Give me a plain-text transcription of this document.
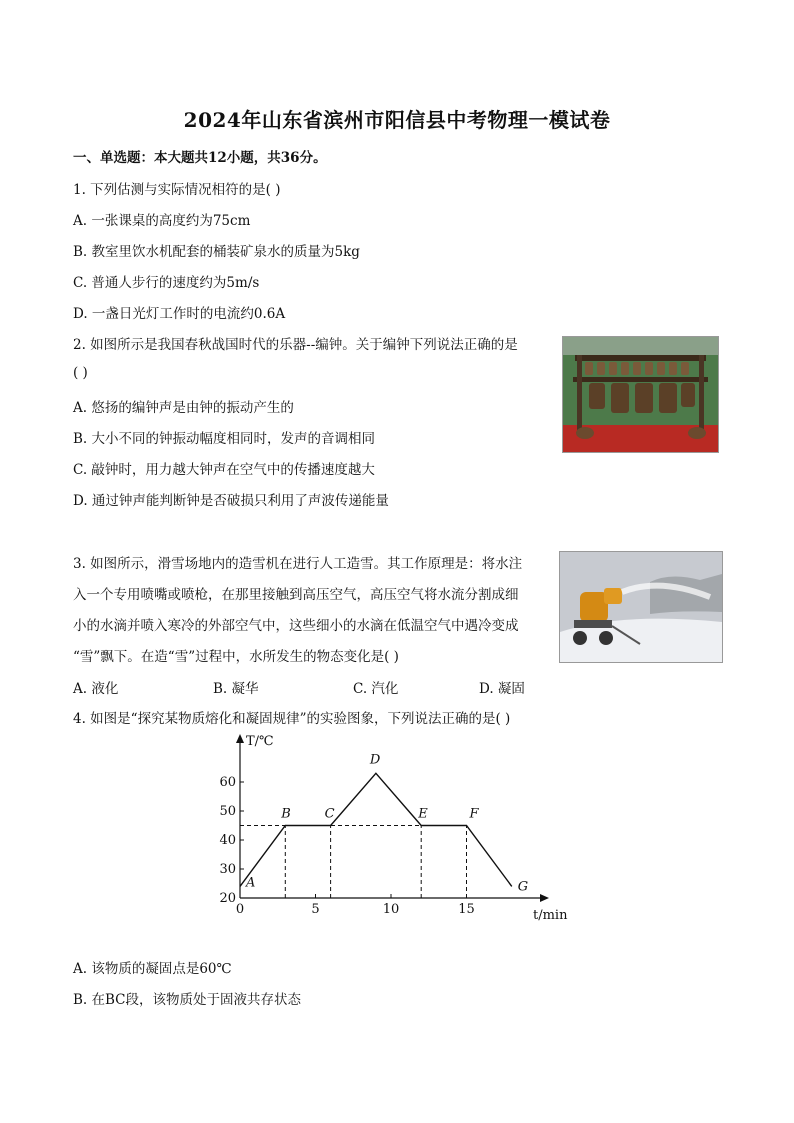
2024年山东省滨州市阳信县中考物理一模试卷
一、单选题：本大题共12小题，共36分。
1. 下列估测与实际情况相符的是( )
A. 一张课桌的高度约为75cm
B. 教室里饮水机配套的桶装矿泉水的质量为5kg
C. 普通人步行的速度约为5m/s
D. 一盏日光灯工作时的电流约0.6A
2. 如图所示是我国春秋战国时代的乐器--编钟。关于编钟下列说法正确的是
( )
A. 悠扬的编钟声是由钟的振动产生的
B. 大小不同的钟振动幅度相同时，发声的音调相同
C. 敲钟时，用力越大钟声在空气中的传播速度越大
D. 通过钟声能判断钟是否破损只利用了声波传递能量
3. 如图所示，滑雪场地内的造雪机在进行人工造雪。其工作原理是：将水注
入一个专用喷嘴或喷枪，在那里接触到高压空气，高压空气将水流分割成细
小的水滴并喷入寒冷的外部空气中，这些细小的水滴在低温空气中遇冷变成
“雪”飘下。在造“雪”过程中，水所发生的物态变化是( )
A. 液化	B. 凝华	C. 汽化	D. 凝固
4. 如图是“探究某物质熔化和凝固规律”的实验图象，下列说法正确的是( )
T/℃
t/min
20
30
40
50
60
0	5	10	15
A
B	C
D
E	F
G
A. 该物质的凝固点是60℃
B. 在BC段，该物质处于固液共存状态
